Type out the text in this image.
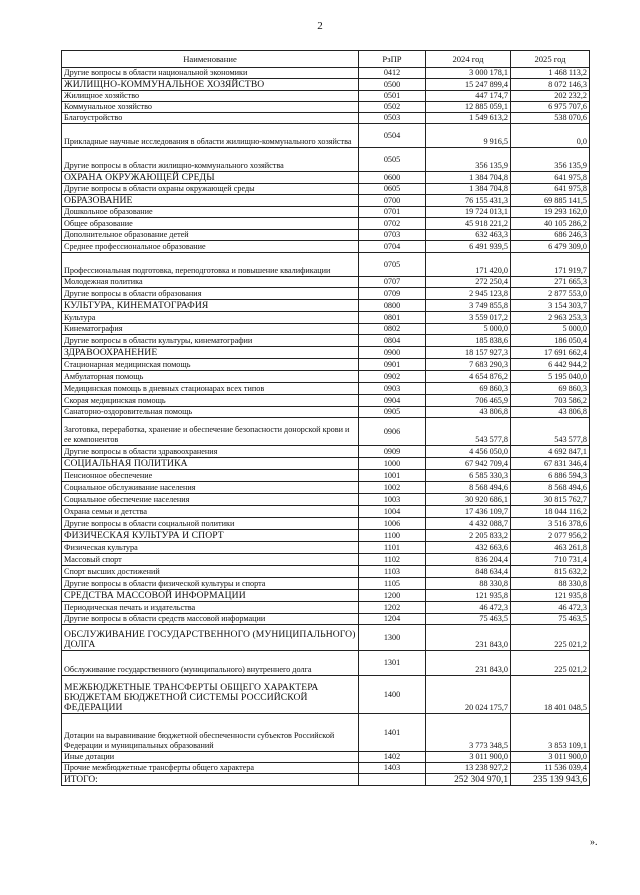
2
Наименование	РзПР	2024 год	2025 год
Другие вопросы в области национальной экономики	0412	3 000 178,1	1 468 113,2
ЖИЛИЩНО-КОММУНАЛЬНОЕ ХОЗЯЙСТВО	0500	15 247 899,4	8 072 146,3
Жилищное хозяйство	0501	447 174,7	202 232,2
Коммунальное хозяйство	0502	12 885 059,1	6 975 707,6
Благоустройство	0503	1 549 613,2	538 070,6
Прикладные научные исследования в области жилищно-коммунального хозяйства	0504	9 916,5	0,0
Другие вопросы в области жилищно-коммунального хозяйства	0505	356 135,9	356 135,9
ОХРАНА ОКРУЖАЮЩЕЙ СРЕДЫ	0600	1 384 704,8	641 975,8
Другие вопросы в области охраны окружающей среды	0605	1 384 704,8	641 975,8
ОБРАЗОВАНИЕ	0700	76 155 431,3	69 885 141,5
Дошкольное образование	0701	19 724 013,1	19 293 162,0
Общее образование	0702	45 918 221,2	40 105 286,2
Дополнительное образование детей	0703	632 463,3	686 246,3
Среднее профессиональное образование	0704	6 491 939,5	6 479 309,0
Профессиональная подготовка, переподготовка и повышение квалификации	0705	171 420,0	171 919,7
Молодежная политика	0707	272 250,4	271 665,3
Другие вопросы в области образования	0709	2 945 123,8	2 877 553,0
КУЛЬТУРА, КИНЕМАТОГРАФИЯ	0800	3 749 855,8	3 154 303,7
Культура	0801	3 559 017,2	2 963 253,3
Кинематография	0802	5 000,0	5 000,0
Другие вопросы в области культуры, кинематографии	0804	185 838,6	186 050,4
ЗДРАВООХРАНЕНИЕ	0900	18 157 927,3	17 691 662,4
Стационарная медицинская помощь	0901	7 683 290,3	6 442 944,2
Амбулаторная помощь	0902	4 654 876,2	5 195 040,0
Медицинская помощь в дневных стационарах всех типов	0903	69 860,3	69 860,3
Скорая медицинская помощь	0904	706 465,9	703 586,2
Санаторно-оздоровительная помощь	0905	43 806,8	43 806,8
Заготовка, переработка, хранение и обеспечение безопасности донорской крови и ее компонентов	0906	543 577,8	543 577,8
Другие вопросы в области здравоохранения	0909	4 456 050,0	4 692 847,1
СОЦИАЛЬНАЯ ПОЛИТИКА	1000	67 942 709,4	67 831 346,4
Пенсионное обеспечение	1001	6 585 330,3	6 886 594,3
Социальное обслуживание населения	1002	8 568 494,6	8 568 494,6
Социальное обеспечение населения	1003	30 920 686,1	30 815 762,7
Охрана семьи и детства	1004	17 436 109,7	18 044 116,2
Другие вопросы в области социальной политики	1006	4 432 088,7	3 516 378,6
ФИЗИЧЕСКАЯ КУЛЬТУРА И СПОРТ	1100	2 205 833,2	2 077 956,2
Физическая культура	1101	432 663,6	463 261,8
Массовый спорт	1102	836 204,4	710 731,4
Спорт высших достижений	1103	848 634,4	815 632,2
Другие вопросы в области физической культуры и спорта	1105	88 330,8	88 330,8
СРЕДСТВА МАССОВОЙ ИНФОРМАЦИИ	1200	121 935,8	121 935,8
Периодическая печать и издательства	1202	46 472,3	46 472,3
Другие вопросы в области средств массовой информации	1204	75 463,5	75 463,5
ОБСЛУЖИВАНИЕ ГОСУДАРСТВЕННОГО (МУНИЦИПАЛЬНОГО) ДОЛГА	1300	231 843,0	225 021,2
Обслуживание государственного (муниципального) внутреннего долга	1301	231 843,0	225 021,2
МЕЖБЮДЖЕТНЫЕ ТРАНСФЕРТЫ ОБЩЕГО ХАРАКТЕРА БЮДЖЕТАМ БЮДЖЕТНОЙ СИСТЕМЫ РОССИЙСКОЙ ФЕДЕРАЦИИ	1400	20 024 175,7	18 401 048,5
Дотации на выравнивание бюджетной обеспеченности субъектов Российской Федерации и муниципальных образований	1401	3 773 348,5	3 853 109,1
Иные дотации	1402	3 011 900,0	3 011 900,0
Прочие межбюджетные трансферты общего характера	1403	13 238 927,2	11 536 039,4
ИТОГО:		252 304 970,1	235 139 943,6
».
